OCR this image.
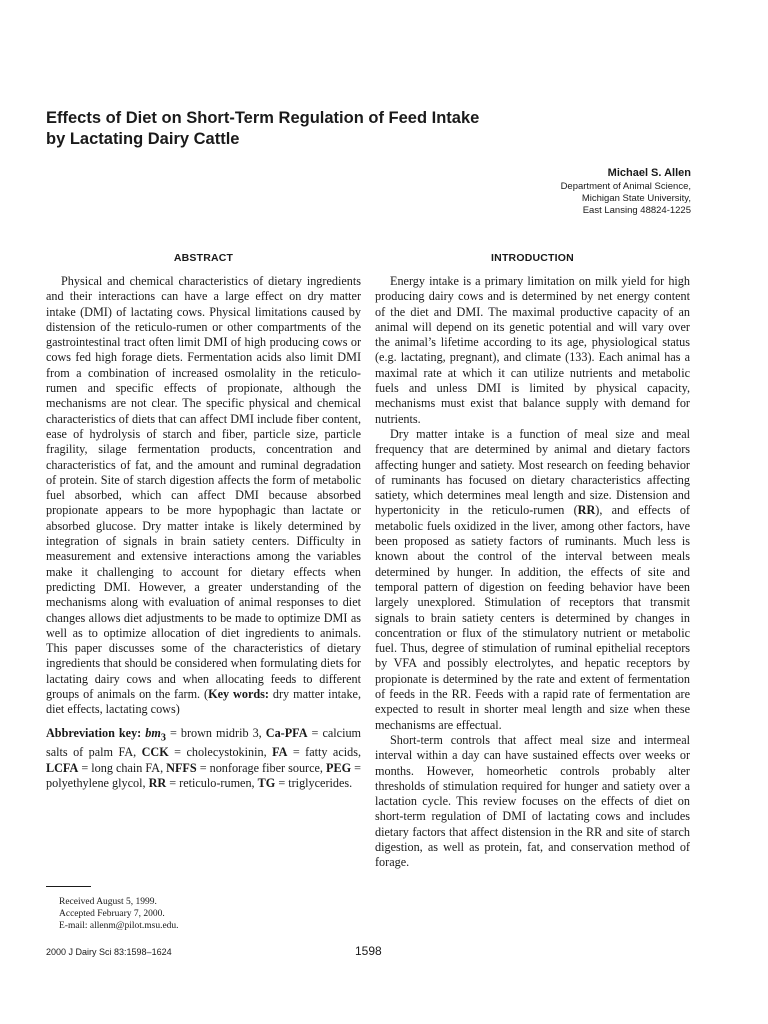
Effects of Diet on Short-Term Regulation of Feed Intake
by Lactating Dairy Cattle
Michael S. Allen
Department of Animal Science,
Michigan State University,
East Lansing 48824-1225
ABSTRACT

Physical and chemical characteristics of dietary ingredients and their interactions can have a large effect on dry matter intake (DMI) of lactating cows. Physical limitations caused by distension of the reticulo-rumen or other compartments of the gastrointestinal tract often limit DMI of high producing cows or cows fed high forage diets. Fermentation acids also limit DMI from a combination of increased osmolality in the reticulo-rumen and specific effects of propionate, although the mechanisms are not clear. The specific physical and chemical characteristics of diets that can affect DMI include fiber content, ease of hydrolysis of starch and fiber, particle size, particle fragility, silage fermentation products, concentration and characteristics of fat, and the amount and ruminal degradation of protein. Site of starch digestion affects the form of metabolic fuel absorbed, which can affect DMI because absorbed propionate appears to be more hypophagic than lactate or absorbed glucose. Dry matter intake is likely determined by integration of signals in brain satiety centers. Difficulty in measurement and extensive interactions among the variables make it challenging to account for dietary effects when predicting DMI. However, a greater understanding of the mechanisms along with evaluation of animal responses to diet changes allows diet adjustments to be made to optimize DMI as well as to optimize allocation of diet ingredients to animals. This paper discusses some of the characteristics of dietary ingredients that should be considered when formulating diets for lactating dairy cows and when allocating feeds to different groups of animals on the farm. (Key words: dry matter intake, diet effects, lactating cows)

Abbreviation key: $bm_3$ = brown midrib 3, Ca-PFA = calcium salts of palm FA, CCK = cholecystokinin, FA = fatty acids, LCFA = long chain FA, NFFS = nonforage fiber source, PEG = polyethylene glycol, RR = reticulo-rumen, TG = triglycerides.

Received August 5, 1999.
Accepted February 7, 2000.
E-mail: allenm@pilot.msu.edu.
2000 J Dairy Sci 83:1598–1624	1598
INTRODUCTION

Energy intake is a primary limitation on milk yield for high producing dairy cows and is determined by net energy content of the diet and DMI. The maximal productive capacity of an animal will depend on its genetic potential and will vary over the animal’s lifetime according to its age, physiological status (e.g. lactating, pregnant), and climate (133). Each animal has a maximal rate at which it can utilize nutrients and metabolic fuels and unless DMI is limited by physical capacity, mechanisms must exist that balance supply with demand for nutrients.

Dry matter intake is a function of meal size and meal frequency that are determined by animal and dietary factors affecting hunger and satiety. Most research on feeding behavior of ruminants has focused on dietary characteristics affecting satiety, which determines meal length and size. Distension and hypertonicity in the reticulo-rumen (RR), and effects of metabolic fuels oxidized in the liver, among other factors, have been proposed as satiety factors of ruminants. Much less is known about the control of the interval between meals determined by hunger. In addition, the effects of site and temporal pattern of digestion on feeding behavior have been largely unexplored. Stimulation of receptors that transmit signals to brain satiety centers is determined by changes in concentration or flux of the stimulatory nutrient or metabolic fuel. Thus, degree of stimulation of ruminal epithelial receptors by VFA and possibly electrolytes, and hepatic receptors by propionate is determined by the rate and extent of fermentation of feeds in the RR. Feeds with a rapid rate of fermentation are expected to result in shorter meal length and size when these mechanisms are effectual.

Short-term controls that affect meal size and intermeal interval within a day can have sustained effects over weeks or months. However, homeorhetic controls probably alter thresholds of stimulation required for hunger and satiety over a lactation cycle. This review focuses on the effects of diet on short-term regulation of DMI of lactating cows and includes dietary factors that affect distension in the RR and site of starch digestion, as well as protein, fat, and conservation method of forage.
